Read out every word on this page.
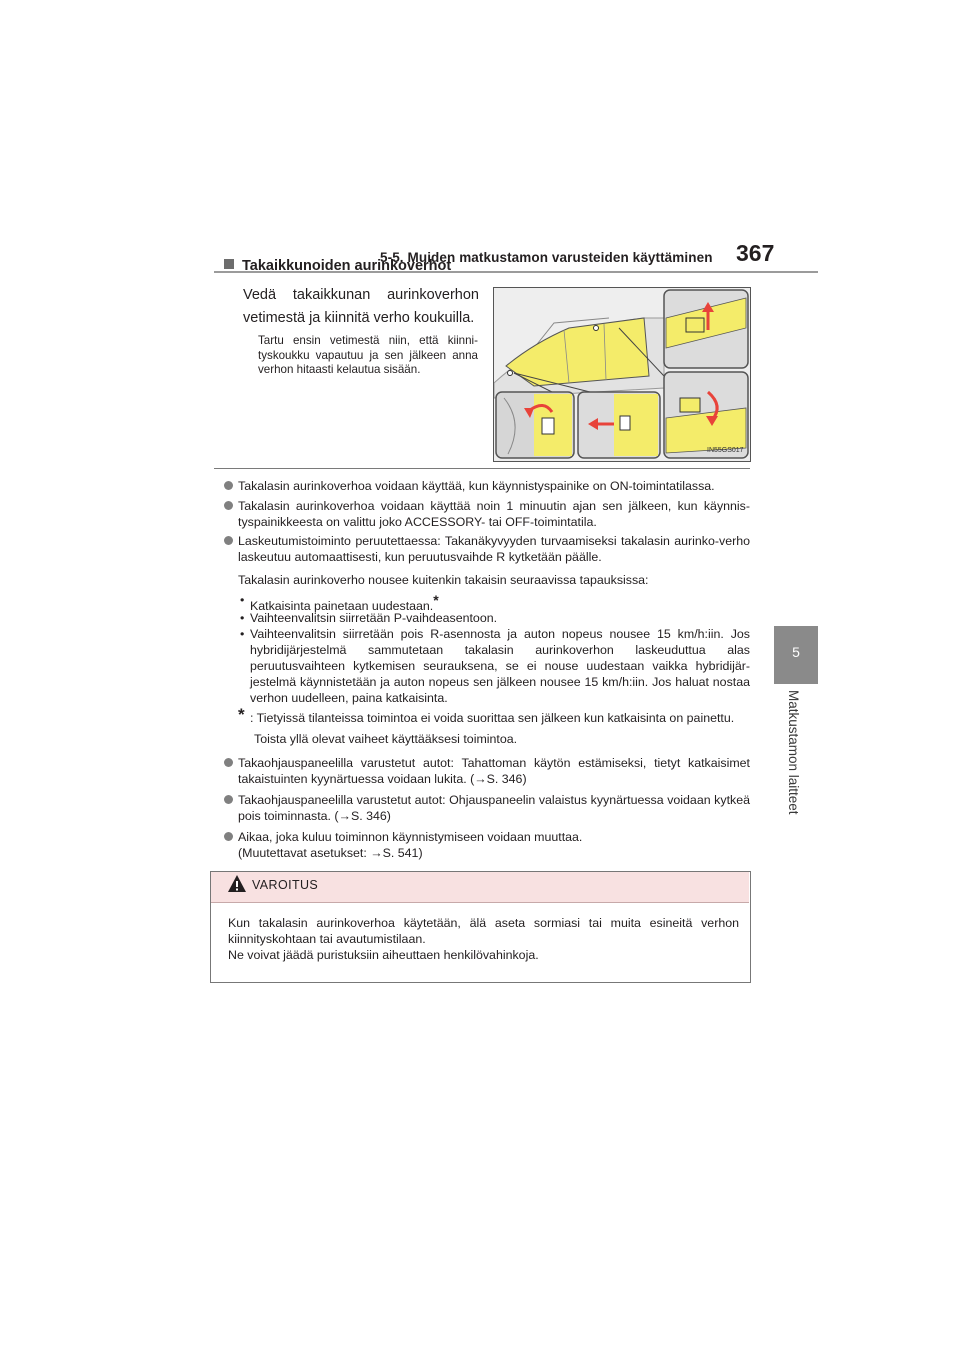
5-5. Muiden matkustamon varusteiden käyttäminen 367
5
Matkustamon laitteet
Takaikkunoiden aurinkoverhot
Vedä takaikkunan aurinkoverhon vetimestä ja kiinnitä verho koukuilla.
Tartu ensin vetimestä niin, että kiinni-tyskoukku vapautuu ja sen jälkeen anna verhon hitaasti kelautua sisään.
IN55GS017
Takalasin aurinkoverhoa voidaan käyttää, kun käynnistyspainike on ON-toimintatilassa.
Takalasin aurinkoverhoa voidaan käyttää noin 1 minuutin ajan sen jälkeen, kun käynnis-tyspainikkeesta on valittu joko ACCESSORY- tai OFF-toimintatila.
Laskeutumistoiminto peruutettaessa: Takanäkyvyyden turvaamiseksi takalasin aurinko-verho laskeutuu automaattisesti, kun peruutusvaihde R kytketään päälle.
Takalasin aurinkoverho nousee kuitenkin takaisin seuraavissa tapauksissa:
• Katkaisinta painetaan uudestaan.*
• Vaihteenvalitsin siirretään P-vaihdeasentoon.
• Vaihteenvalitsin siirretään pois R-asennosta ja auton nopeus nousee 15 km/h:iin. Jos hybridijärjestelmä sammutetaan takalasin aurinkoverhon laskeuduttua alas peruutusvaihteen kytkemisen seurauksena, se ei nouse uudestaan vaikka hybridijär-jestelmä käynnistetään ja auton nopeus sen jälkeen nousee 15 km/h:iin. Jos haluat nostaa verhon uudelleen, paina katkaisinta.
* : Tietyissä tilanteissa toimintoa ei voida suorittaa sen jälkeen kun katkaisinta on painettu.
Toista yllä olevat vaiheet käyttääksesi toimintoa.
Takaohjauspaneelilla varustetut autot: Tahattoman käytön estämiseksi, tietyt katkaisimet takaistuinten kyynärtuessa voidaan lukita. (→S. 346)
Takaohjauspaneelilla varustetut autot: Ohjauspaneelin valaistus kyynärtuessa voidaan kytkeä pois toiminnasta. (→S. 346)
Aikaa, joka kuluu toiminnon käynnistymiseen voidaan muuttaa.
(Muutettavat asetukset: →S. 541)
VAROITUS
Kun takalasin aurinkoverhoa käytetään, älä aseta sormiasi tai muita esineitä verhon kiinnityskohtaan tai avautumistilaan.
Ne voivat jäädä puristuksiin aiheuttaen henkilövahinkoja.
